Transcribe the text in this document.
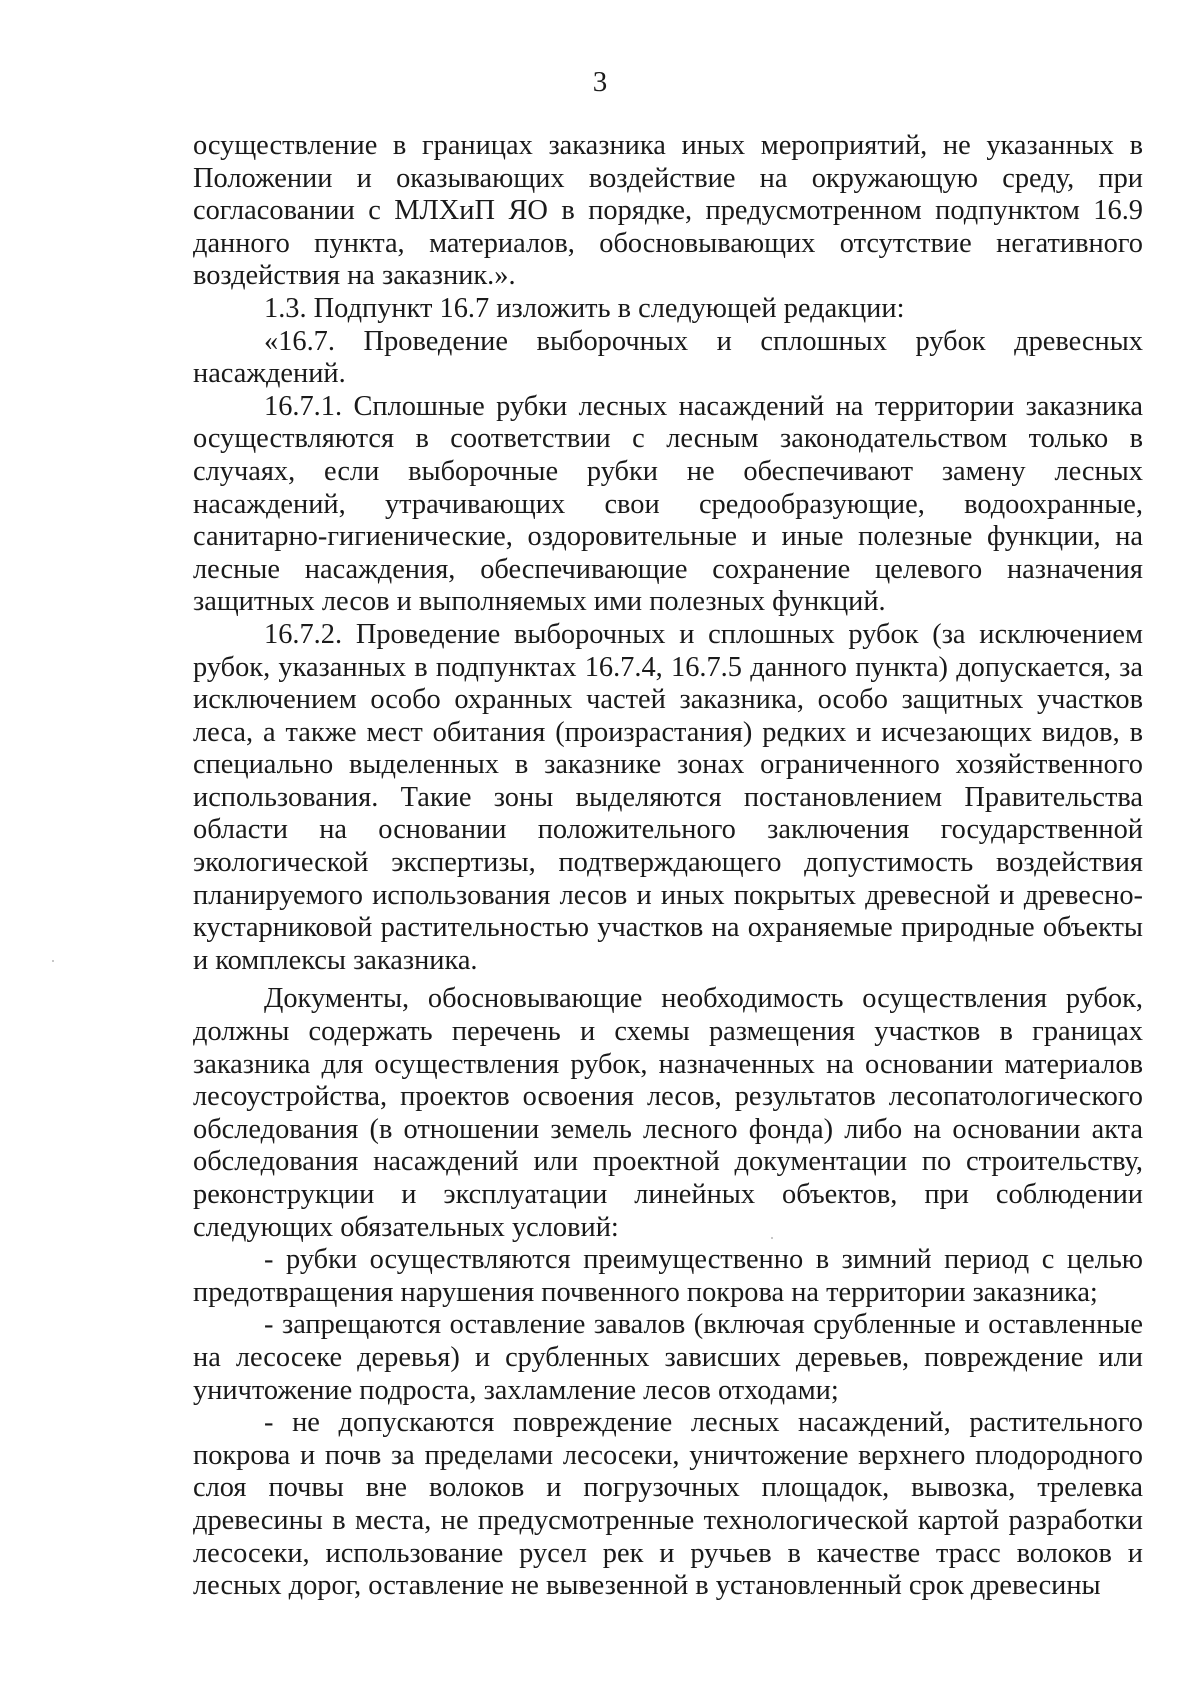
3

осуществление в границах заказника иных мероприятий, не указанных в Положении и оказывающих воздействие на окружающую среду, при согласовании с МЛХиП ЯО в порядке, предусмотренном подпунктом 16.9 данного пункта, материалов, обосновывающих отсутствие негативного воздействия на заказник.».

1.3. Подпункт 16.7 изложить в следующей редакции:

«16.7. Проведение выборочных и сплошных рубок древесных насаждений.

16.7.1. Сплошные рубки лесных насаждений на территории заказника осуществляются в соответствии с лесным законодательством только в случаях, если выборочные рубки не обеспечивают замену лесных насаждений, утрачивающих свои средообразующие, водоохранные, санитарно-гигиенические, оздоровительные и иные полезные функции, на лесные насаждения, обеспечивающие сохранение целевого назначения защитных лесов и выполняемых ими полезных функций.

16.7.2. Проведение выборочных и сплошных рубок (за исключением рубок, указанных в подпунктах 16.7.4, 16.7.5 данного пункта) допускается, за исключением особо охранных частей заказника, особо защитных участков леса, а также мест обитания (произрастания) редких и исчезающих видов, в специально выделенных в заказнике зонах ограниченного хозяйственного использования. Такие зоны выделяются постановлением Правительства области на основании положительного заключения государственной экологической экспертизы, подтверждающего допустимость воздействия планируемого использования лесов и иных покрытых древесной и древесно-кустарниковой растительностью участков на охраняемые природные объекты и комплексы заказника.

Документы, обосновывающие необходимость осуществления рубок, должны содержать перечень и схемы размещения участков в границах заказника для осуществления рубок, назначенных на основании материалов лесоустройства, проектов освоения лесов, результатов лесопатологического обследования (в отношении земель лесного фонда) либо на основании акта обследования насаждений или проектной документации по строительству, реконструкции и эксплуатации линейных объектов, при соблюдении следующих обязательных условий:

- рубки осуществляются преимущественно в зимний период с целью предотвращения нарушения почвенного покрова на территории заказника;

- запрещаются оставление завалов (включая срубленные и оставленные на лесосеке деревья) и срубленных зависших деревьев, повреждение или уничтожение подроста, захламление лесов отходами;

- не допускаются повреждение лесных насаждений, растительного покрова и почв за пределами лесосеки, уничтожение верхнего плодородного слоя почвы вне волоков и погрузочных площадок, вывозка, трелевка древесины в места, не предусмотренные технологической картой разработки лесосеки, использование русел рек и ручьев в качестве трасс волоков и лесных дорог, оставление не вывезенной в установленный срок древесины
